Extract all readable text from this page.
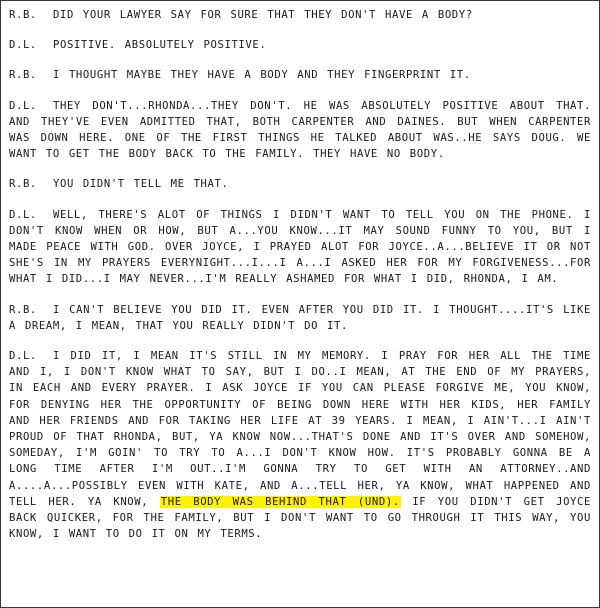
R.B. DID YOUR LAWYER SAY FOR SURE THAT THEY DON'T HAVE A BODY?

D.L. POSITIVE. ABSOLUTELY POSITIVE.

R.B. I THOUGHT MAYBE THEY HAVE A BODY AND THEY FINGERPRINT IT.

D.L. THEY DON'T...RHONDA...THEY DON'T. HE WAS ABSOLUTELY POSITIVE ABOUT THAT. AND THEY'VE EVEN ADMITTED THAT, BOTH CARPENTER AND DAINES. BUT WHEN CARPENTER WAS DOWN HERE. ONE OF THE FIRST THINGS HE TALKED ABOUT WAS..HE SAYS DOUG. WE WANT TO GET THE BODY BACK TO THE FAMILY. THEY HAVE NO BODY.

R.B. YOU DIDN'T TELL ME THAT.

D.L. WELL, THERE'S ALOT OF THINGS I DIDN'T WANT TO TELL YOU ON THE PHONE. I DON'T KNOW WHEN OR HOW, BUT A...YOU KNOW...IT MAY SOUND FUNNY TO YOU, BUT I MADE PEACE WITH GOD. OVER JOYCE, I PRAYED ALOT FOR JOYCE..A...BELIEVE IT OR NOT SHE'S IN MY PRAYERS EVERYNIGHT...I...I A...I ASKED HER FOR MY FORGIVENESS...FOR WHAT I DID...I MAY NEVER...I'M REALLY ASHAMED FOR WHAT I DID, RHONDA, I AM.

R.B. I CAN'T BELIEVE YOU DID IT. EVEN AFTER YOU DID IT. I THOUGHT....IT'S LIKE A DREAM, I MEAN, THAT YOU REALLY DIDN'T DO IT.

D.L. I DID IT, I MEAN IT'S STILL IN MY MEMORY. I PRAY FOR HER ALL THE TIME AND I, I DON'T KNOW WHAT TO SAY, BUT I DO..I MEAN, AT THE END OF MY PRAYERS, IN EACH AND EVERY PRAYER. I ASK JOYCE IF YOU CAN PLEASE FORGIVE ME, YOU KNOW, FOR DENYING HER THE OPPORTUNITY OF BEING DOWN HERE WITH HER KIDS, HER FAMILY AND HER FRIENDS AND FOR TAKING HER LIFE AT 39 YEARS. I MEAN, I AIN'T...I AIN'T PROUD OF THAT RHONDA, BUT, YA KNOW NOW...THAT'S DONE AND IT'S OVER AND SOMEHOW, SOMEDAY, I'M GOIN' TO TRY TO A...I DON'T KNOW HOW. IT'S PROBABLY GONNA BE A LONG TIME AFTER I'M OUT..I'M GONNA TRY TO GET WITH AN ATTORNEY..AND A....A...POSSIBLY EVEN WITH KATE, AND A...TELL HER, YA KNOW, WHAT HAPPENED AND TELL HER. YA KNOW, THE BODY WAS BEHIND THAT (UND). IF YOU DIDN'T GET JOYCE BACK QUICKER, FOR THE FAMILY, BUT I DON'T WANT TO GO THROUGH IT THIS WAY, YOU KNOW, I WANT TO DO IT ON MY TERMS.
